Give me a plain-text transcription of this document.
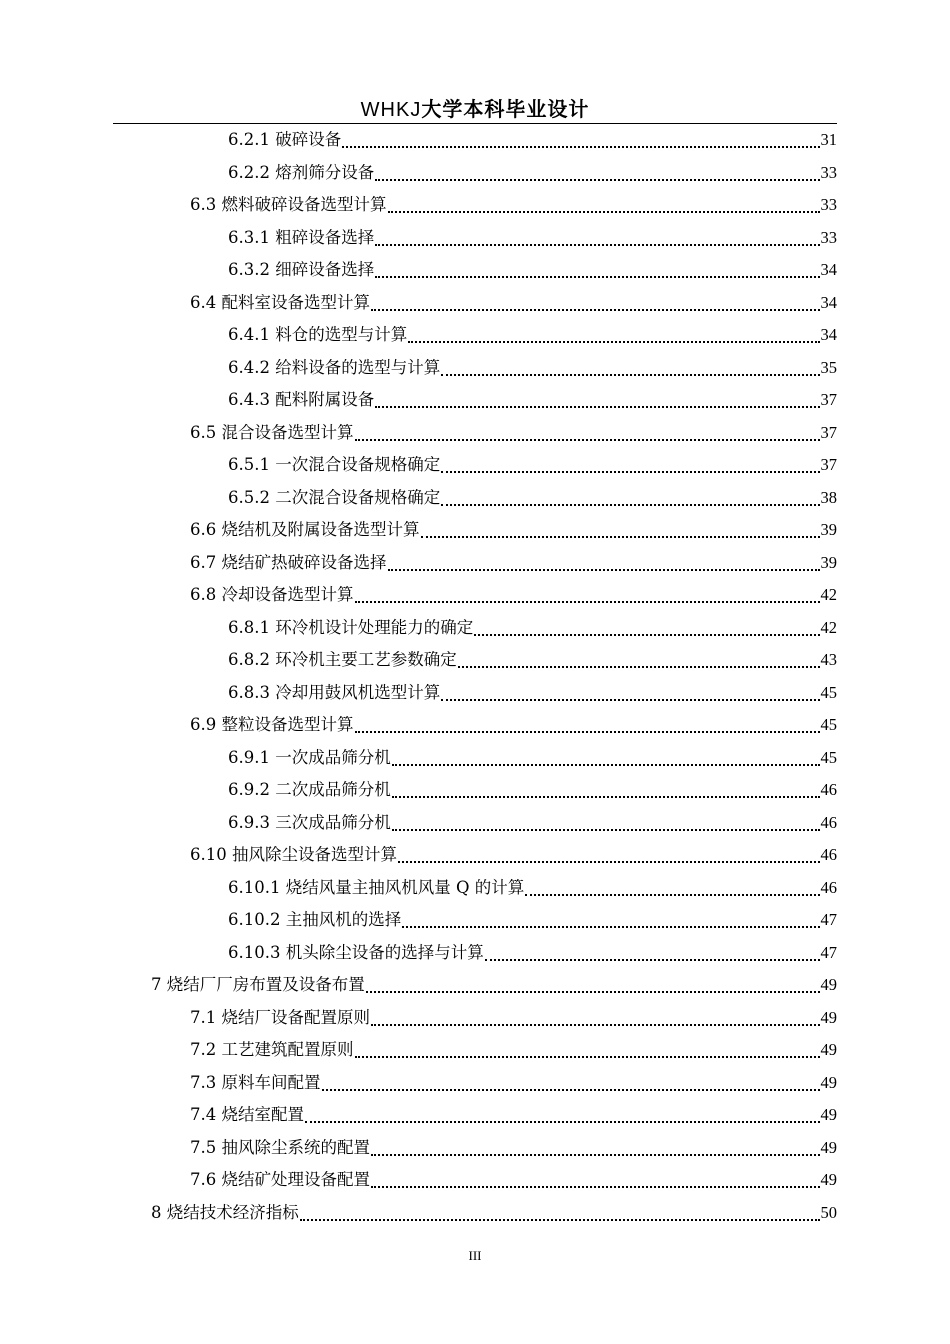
WHKJ大学本科毕业设计
6.2.1 破碎设备	31
6.2.2 熔剂筛分设备	33
6.3 燃料破碎设备选型计算	33
6.3.1 粗碎设备选择	33
6.3.2 细碎设备选择	34
6.4 配料室设备选型计算	34
6.4.1 料仓的选型与计算	34
6.4.2 给料设备的选型与计算	35
6.4.3 配料附属设备	37
6.5 混合设备选型计算	37
6.5.1 一次混合设备规格确定	37
6.5.2 二次混合设备规格确定	38
6.6 烧结机及附属设备选型计算	39
6.7 烧结矿热破碎设备选择	39
6.8 冷却设备选型计算	42
6.8.1 环冷机设计处理能力的确定	42
6.8.2 环冷机主要工艺参数确定	43
6.8.3 冷却用鼓风机选型计算	45
6.9 整粒设备选型计算	45
6.9.1 一次成品筛分机	45
6.9.2 二次成品筛分机	46
6.9.3 三次成品筛分机	46
6.10 抽风除尘设备选型计算	46
6.10.1 烧结风量主抽风机风量 Q 的计算	46
6.10.2 主抽风机的选择	47
6.10.3 机头除尘设备的选择与计算	47
7 烧结厂厂房布置及设备布置	49
7.1 烧结厂设备配置原则	49
7.2 工艺建筑配置原则	49
7.3 原料车间配置	49
7.4 烧结室配置	49
7.5 抽风除尘系统的配置	49
7.6 烧结矿处理设备配置	49
8 烧结技术经济指标	50
III
